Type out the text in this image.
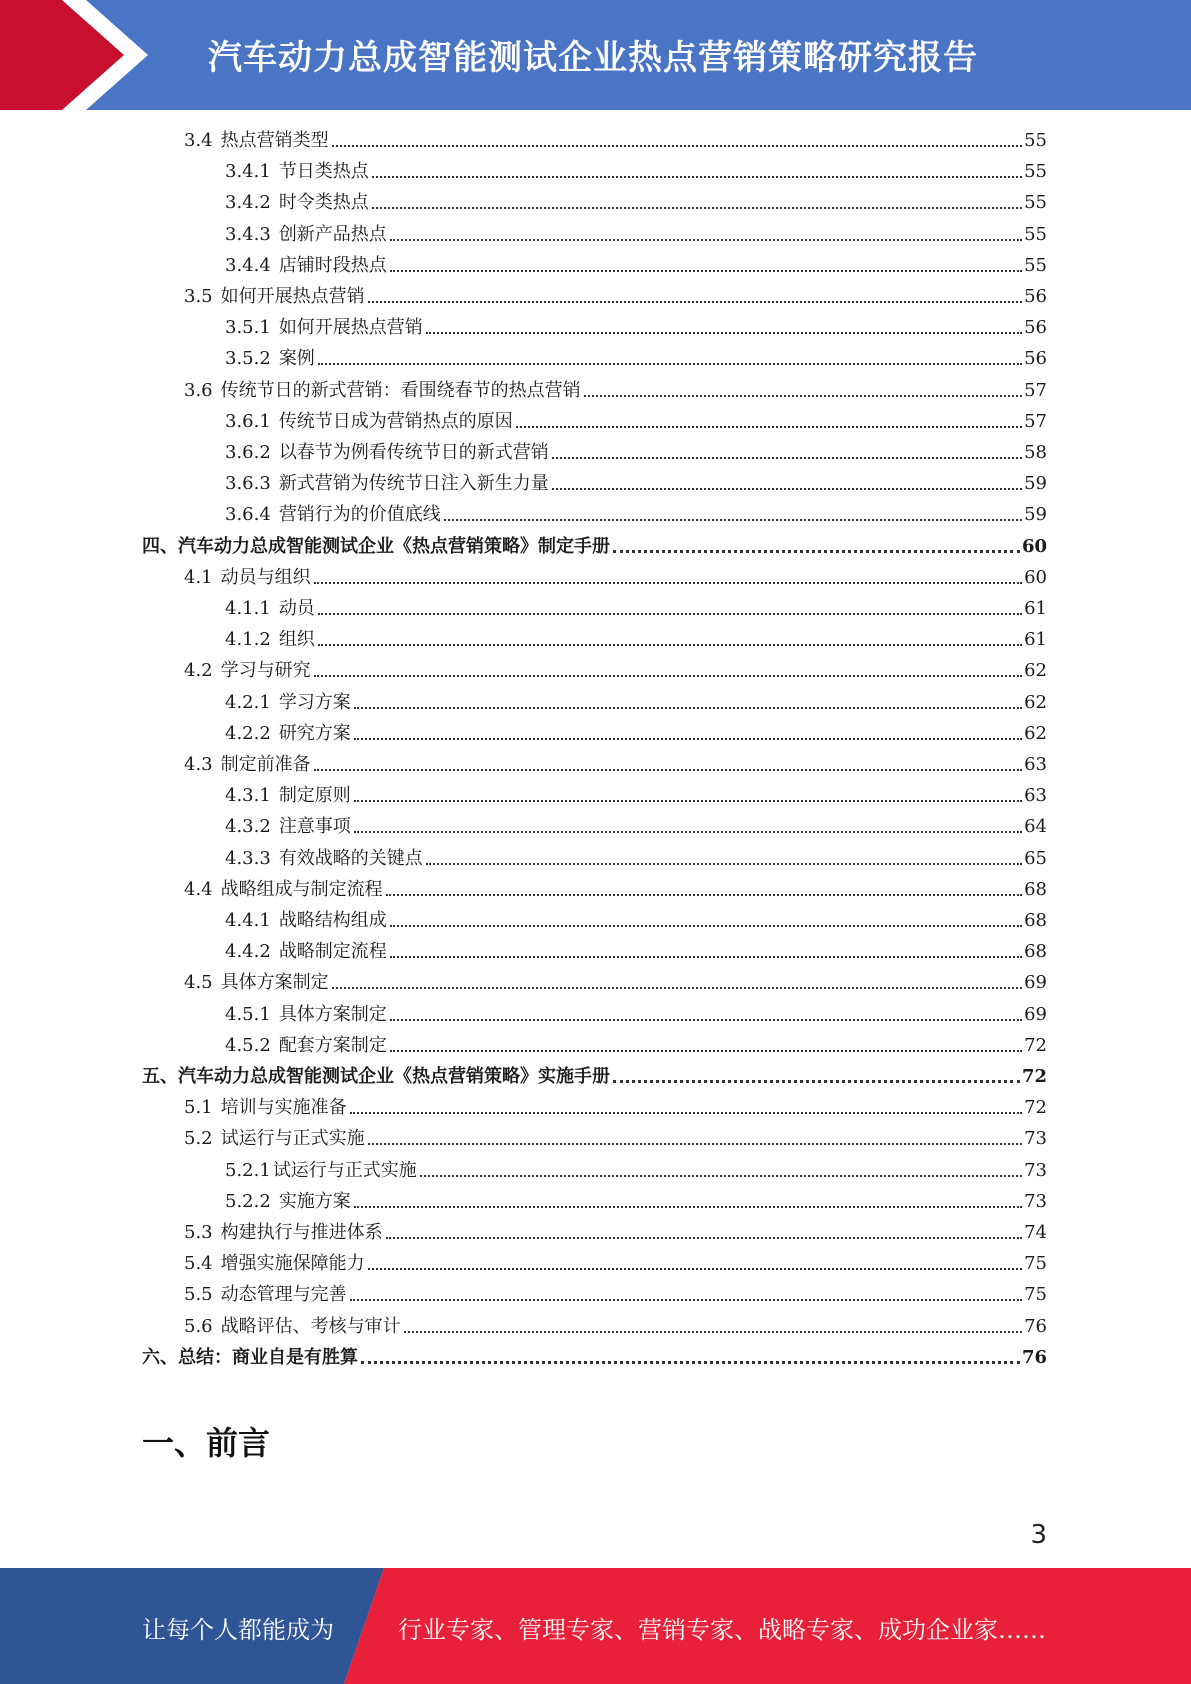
汽车动力总成智能测试企业热点营销策略研究报告
3.4 热点营销类型	55
3.4.1 节日类热点	55
3.4.2 时令类热点	55
3.4.3 创新产品热点	55
3.4.4 店铺时段热点	55
3.5 如何开展热点营销	56
3.5.1 如何开展热点营销	56
3.5.2 案例	56
3.6 传统节日的新式营销：看围绕春节的热点营销	57
3.6.1 传统节日成为营销热点的原因	57
3.6.2 以春节为例看传统节日的新式营销	58
3.6.3 新式营销为传统节日注入新生力量	59
3.6.4 营销行为的价值底线	59
四、汽车动力总成智能测试企业《热点营销策略》制定手册	60
4.1 动员与组织	60
4.1.1 动员	61
4.1.2 组织	61
4.2 学习与研究	62
4.2.1 学习方案	62
4.2.2 研究方案	62
4.3 制定前准备	63
4.3.1 制定原则	63
4.3.2 注意事项	64
4.3.3 有效战略的关键点	65
4.4 战略组成与制定流程	68
4.4.1 战略结构组成	68
4.4.2 战略制定流程	68
4.5 具体方案制定	69
4.5.1 具体方案制定	69
4.5.2 配套方案制定	72
五、汽车动力总成智能测试企业《热点营销策略》实施手册	72
5.1 培训与实施准备	72
5.2 试运行与正式实施	73
5.2.1 试运行与正式实施	73
5.2.2 实施方案	73
5.3 构建执行与推进体系	74
5.4 增强实施保障能力	75
5.5 动态管理与完善	75
5.6 战略评估、考核与审计	76
六、总结：商业自是有胜算	76
一、前言
3
让每个人都能成为	行业专家、管理专家、营销专家、战略专家、成功企业家……
